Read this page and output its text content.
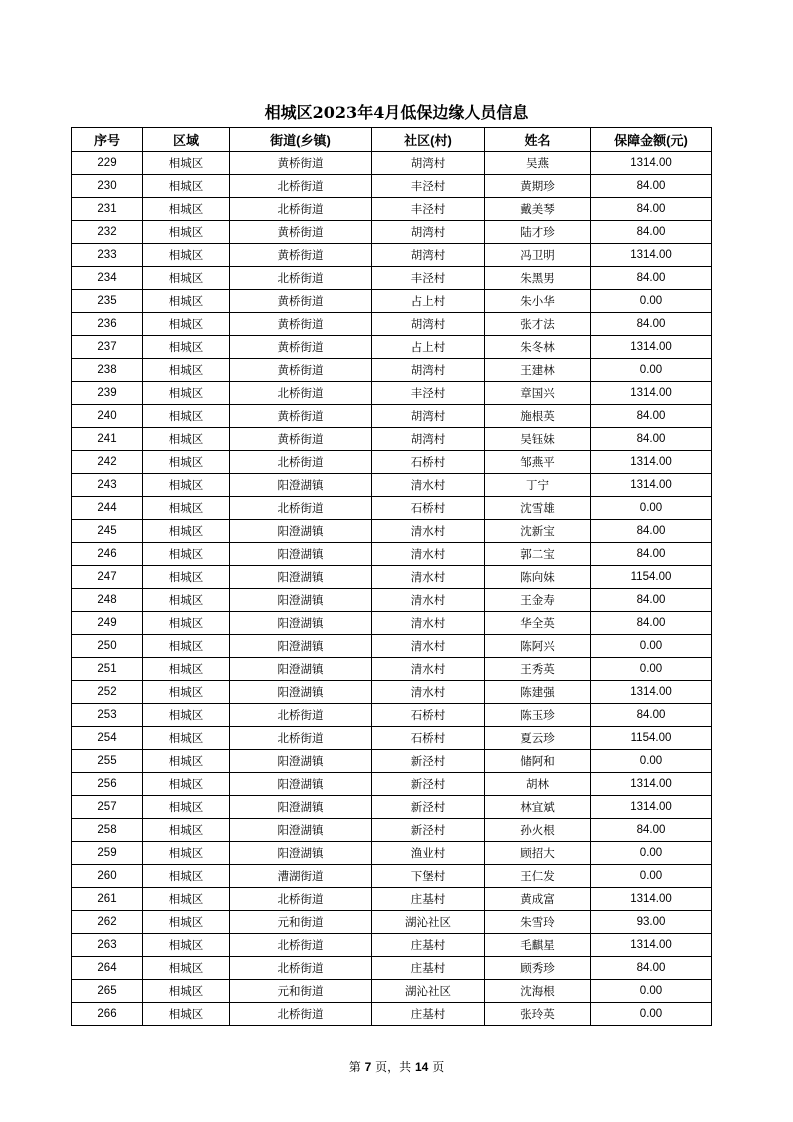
相城区2023年4月低保边缘人员信息
序号	区域	街道(乡镇)	社区(村)	姓名	保障金额(元)
229	相城区	黄桥街道	胡湾村	吴燕	1314.00
230	相城区	北桥街道	丰泾村	黄期珍	84.00
231	相城区	北桥街道	丰泾村	戴美琴	84.00
232	相城区	黄桥街道	胡湾村	陆才珍	84.00
233	相城区	黄桥街道	胡湾村	冯卫明	1314.00
234	相城区	北桥街道	丰泾村	朱黑男	84.00
235	相城区	黄桥街道	占上村	朱小华	0.00
236	相城区	黄桥街道	胡湾村	张才法	84.00
237	相城区	黄桥街道	占上村	朱冬林	1314.00
238	相城区	黄桥街道	胡湾村	王建林	0.00
239	相城区	北桥街道	丰泾村	章国兴	1314.00
240	相城区	黄桥街道	胡湾村	施根英	84.00
241	相城区	黄桥街道	胡湾村	吴钰妹	84.00
242	相城区	北桥街道	石桥村	邹燕平	1314.00
243	相城区	阳澄湖镇	清水村	丁宁	1314.00
244	相城区	北桥街道	石桥村	沈雪雄	0.00
245	相城区	阳澄湖镇	清水村	沈新宝	84.00
246	相城区	阳澄湖镇	清水村	郭二宝	84.00
247	相城区	阳澄湖镇	清水村	陈向妹	1154.00
248	相城区	阳澄湖镇	清水村	王金寿	84.00
249	相城区	阳澄湖镇	清水村	华全英	84.00
250	相城区	阳澄湖镇	清水村	陈阿兴	0.00
251	相城区	阳澄湖镇	清水村	王秀英	0.00
252	相城区	阳澄湖镇	清水村	陈建强	1314.00
253	相城区	北桥街道	石桥村	陈玉珍	84.00
254	相城区	北桥街道	石桥村	夏云珍	1154.00
255	相城区	阳澄湖镇	新泾村	储阿和	0.00
256	相城区	阳澄湖镇	新泾村	胡林	1314.00
257	相城区	阳澄湖镇	新泾村	林宜斌	1314.00
258	相城区	阳澄湖镇	新泾村	孙火根	84.00
259	相城区	阳澄湖镇	渔业村	顾招大	0.00
260	相城区	漕湖街道	下堡村	王仁发	0.00
261	相城区	北桥街道	庄基村	黄成富	1314.00
262	相城区	元和街道	湖沁社区	朱雪玲	93.00
263	相城区	北桥街道	庄基村	毛麒星	1314.00
264	相城区	北桥街道	庄基村	顾秀珍	84.00
265	相城区	元和街道	湖沁社区	沈海根	0.00
266	相城区	北桥街道	庄基村	张玲英	0.00
第 7 页，共 14 页
